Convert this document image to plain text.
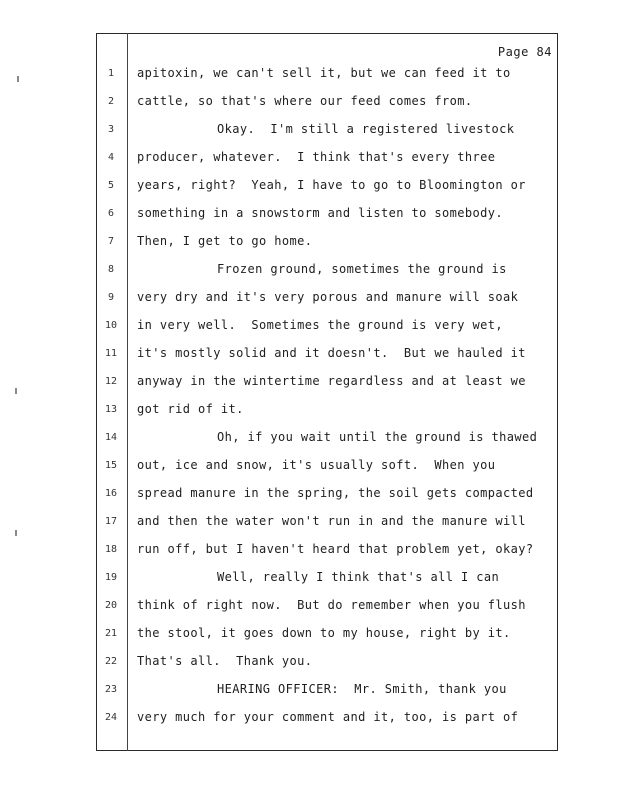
Page 84
1	apitoxin, we can't sell it, but we can feed it to
2	cattle, so that's where our feed comes from.
3	Okay.  I'm still a registered livestock
4	producer, whatever.  I think that's every three
5	years, right?  Yeah, I have to go to Bloomington or
6	something in a snowstorm and listen to somebody.
7	Then, I get to go home.
8	Frozen ground, sometimes the ground is
9	very dry and it's very porous and manure will soak
10	in very well.  Sometimes the ground is very wet,
11	it's mostly solid and it doesn't.  But we hauled it
12	anyway in the wintertime regardless and at least we
13	got rid of it.
14	Oh, if you wait until the ground is thawed
15	out, ice and snow, it's usually soft.  When you
16	spread manure in the spring, the soil gets compacted
17	and then the water won't run in and the manure will
18	run off, but I haven't heard that problem yet, okay?
19	Well, really I think that's all I can
20	think of right now.  But do remember when you flush
21	the stool, it goes down to my house, right by it.
22	That's all.  Thank you.
23	HEARING OFFICER:  Mr. Smith, thank you
24	very much for your comment and it, too, is part of
